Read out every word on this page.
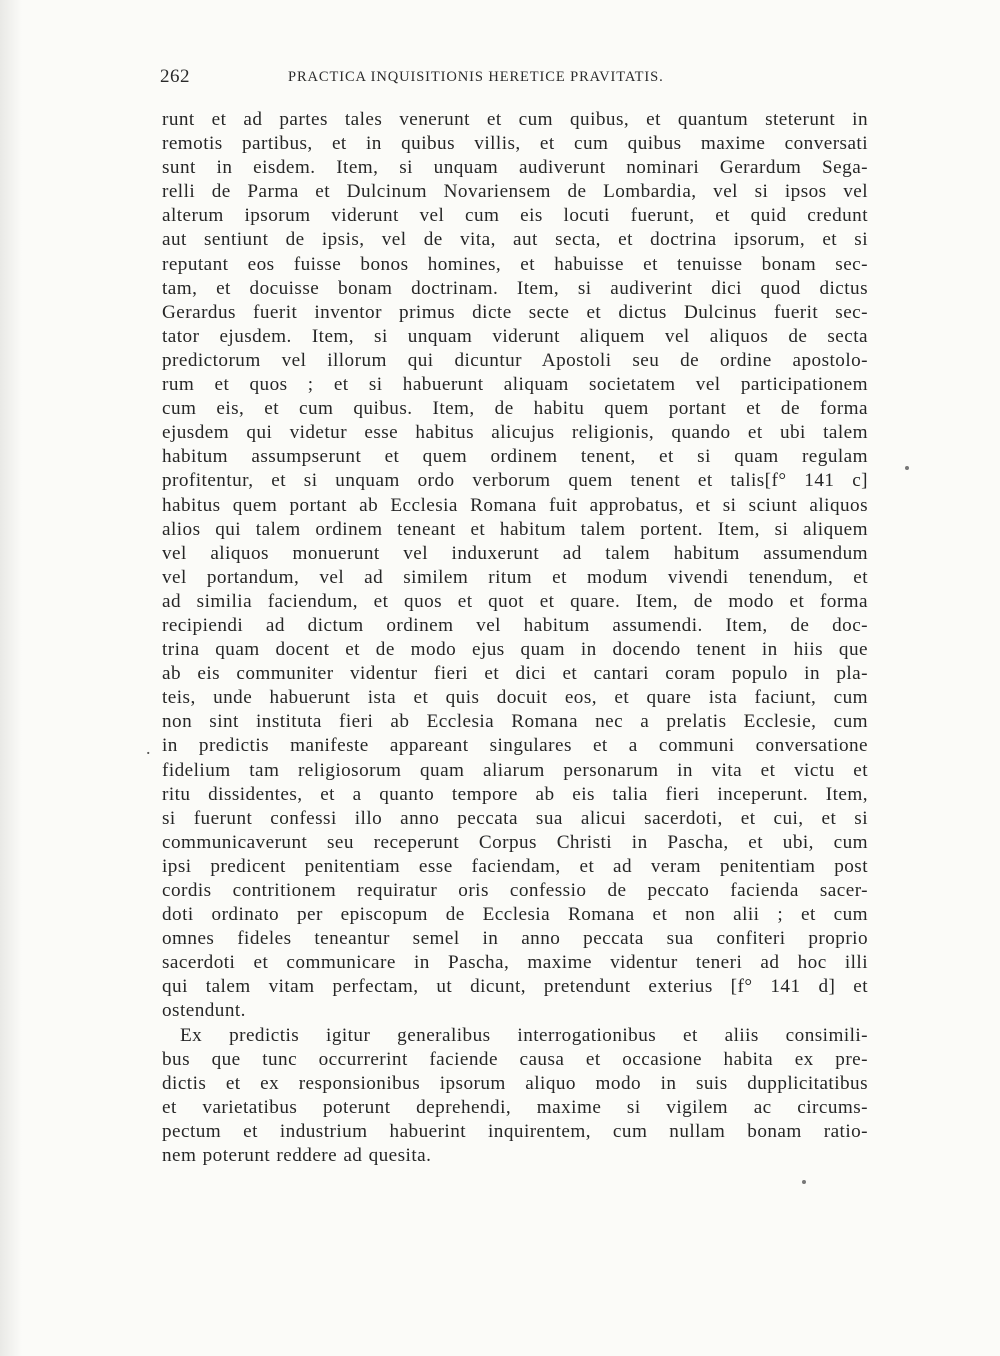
262	PRACTICA INQUISITIONIS HERETICE PRAVITATIS.
runt et ad partes tales venerunt et cum quibus, et quantum steterunt in
remotis partibus, et in quibus villis, et cum quibus maxime conversati
sunt in eisdem. Item, si unquam audiverunt nominari Gerardum Sega-
relli de Parma et Dulcinum Novariensem de Lombardia, vel si ipsos vel
alterum ipsorum viderunt vel cum eis locuti fuerunt, et quid credunt
aut sentiunt de ipsis, vel de vita, aut secta, et doctrina ipsorum, et si
reputant eos fuisse bonos homines, et habuisse et tenuisse bonam sec-
tam, et docuisse bonam doctrinam. Item, si audiverint dici quod dictus
Gerardus fuerit inventor primus dicte secte et dictus Dulcinus fuerit sec-
tator ejusdem. Item, si unquam viderunt aliquem vel aliquos de secta
predictorum vel illorum qui dicuntur Apostoli seu de ordine apostolo-
rum et quos ; et si habuerunt aliquam societatem vel participationem
cum eis, et cum quibus. Item, de habitu quem portant et de forma
ejusdem qui videtur esse habitus alicujus religionis, quando et ubi talem
habitum assumpserunt et quem ordinem tenent, et si quam regulam
profitentur, et si unquam ordo verborum quem tenent et talis[f° 141 c]
habitus quem portant ab Ecclesia Romana fuit approbatus, et si sciunt aliquos
alios qui talem ordinem teneant et habitum talem portent. Item, si aliquem
vel aliquos monuerunt vel induxerunt ad talem habitum assumendum
vel portandum, vel ad similem ritum et modum vivendi tenendum, et
ad similia faciendum, et quos et quot et quare. Item, de modo et forma
recipiendi ad dictum ordinem vel habitum assumendi. Item, de doc-
trina quam docent et de modo ejus quam in docendo tenent in hiis que
ab eis communiter videntur fieri et dici et cantari coram populo in pla-
teis, unde habuerunt ista et quis docuit eos, et quare ista faciunt, cum
non sint instituta fieri ab Ecclesia Romana nec a prelatis Ecclesie, cum
in predictis manifeste appareant singulares et a communi conversatione
fidelium tam religiosorum quam aliarum personarum in vita et victu et
ritu dissidentes, et a quanto tempore ab eis talia fieri inceperunt. Item,
si fuerunt confessi illo anno peccata sua alicui sacerdoti, et cui, et si
communicaverunt seu receperunt Corpus Christi in Pascha, et ubi, cum
ipsi predicent penitentiam esse faciendam, et ad veram penitentiam post
cordis contritionem requiratur oris confessio de peccato facienda sacer-
doti ordinato per episcopum de Ecclesia Romana et non alii ; et cum
omnes fideles teneantur semel in anno peccata sua confiteri proprio
sacerdoti et communicare in Pascha, maxime videntur teneri ad hoc illi
qui talem vitam perfectam, ut dicunt, pretendunt exterius [f° 141 d] et
ostendunt.
Ex predictis igitur generalibus interrogationibus et aliis consimili-
bus que tunc occurrerint faciende causa et occasione habita ex pre-
dictis et ex responsionibus ipsorum aliquo modo in suis dupplicitatibus
et varietatibus poterunt deprehendi, maxime si vigilem ac circums-
pectum et industrium habuerint inquirentem, cum nullam bonam ratio-
nem poterunt reddere ad quesita.
.
